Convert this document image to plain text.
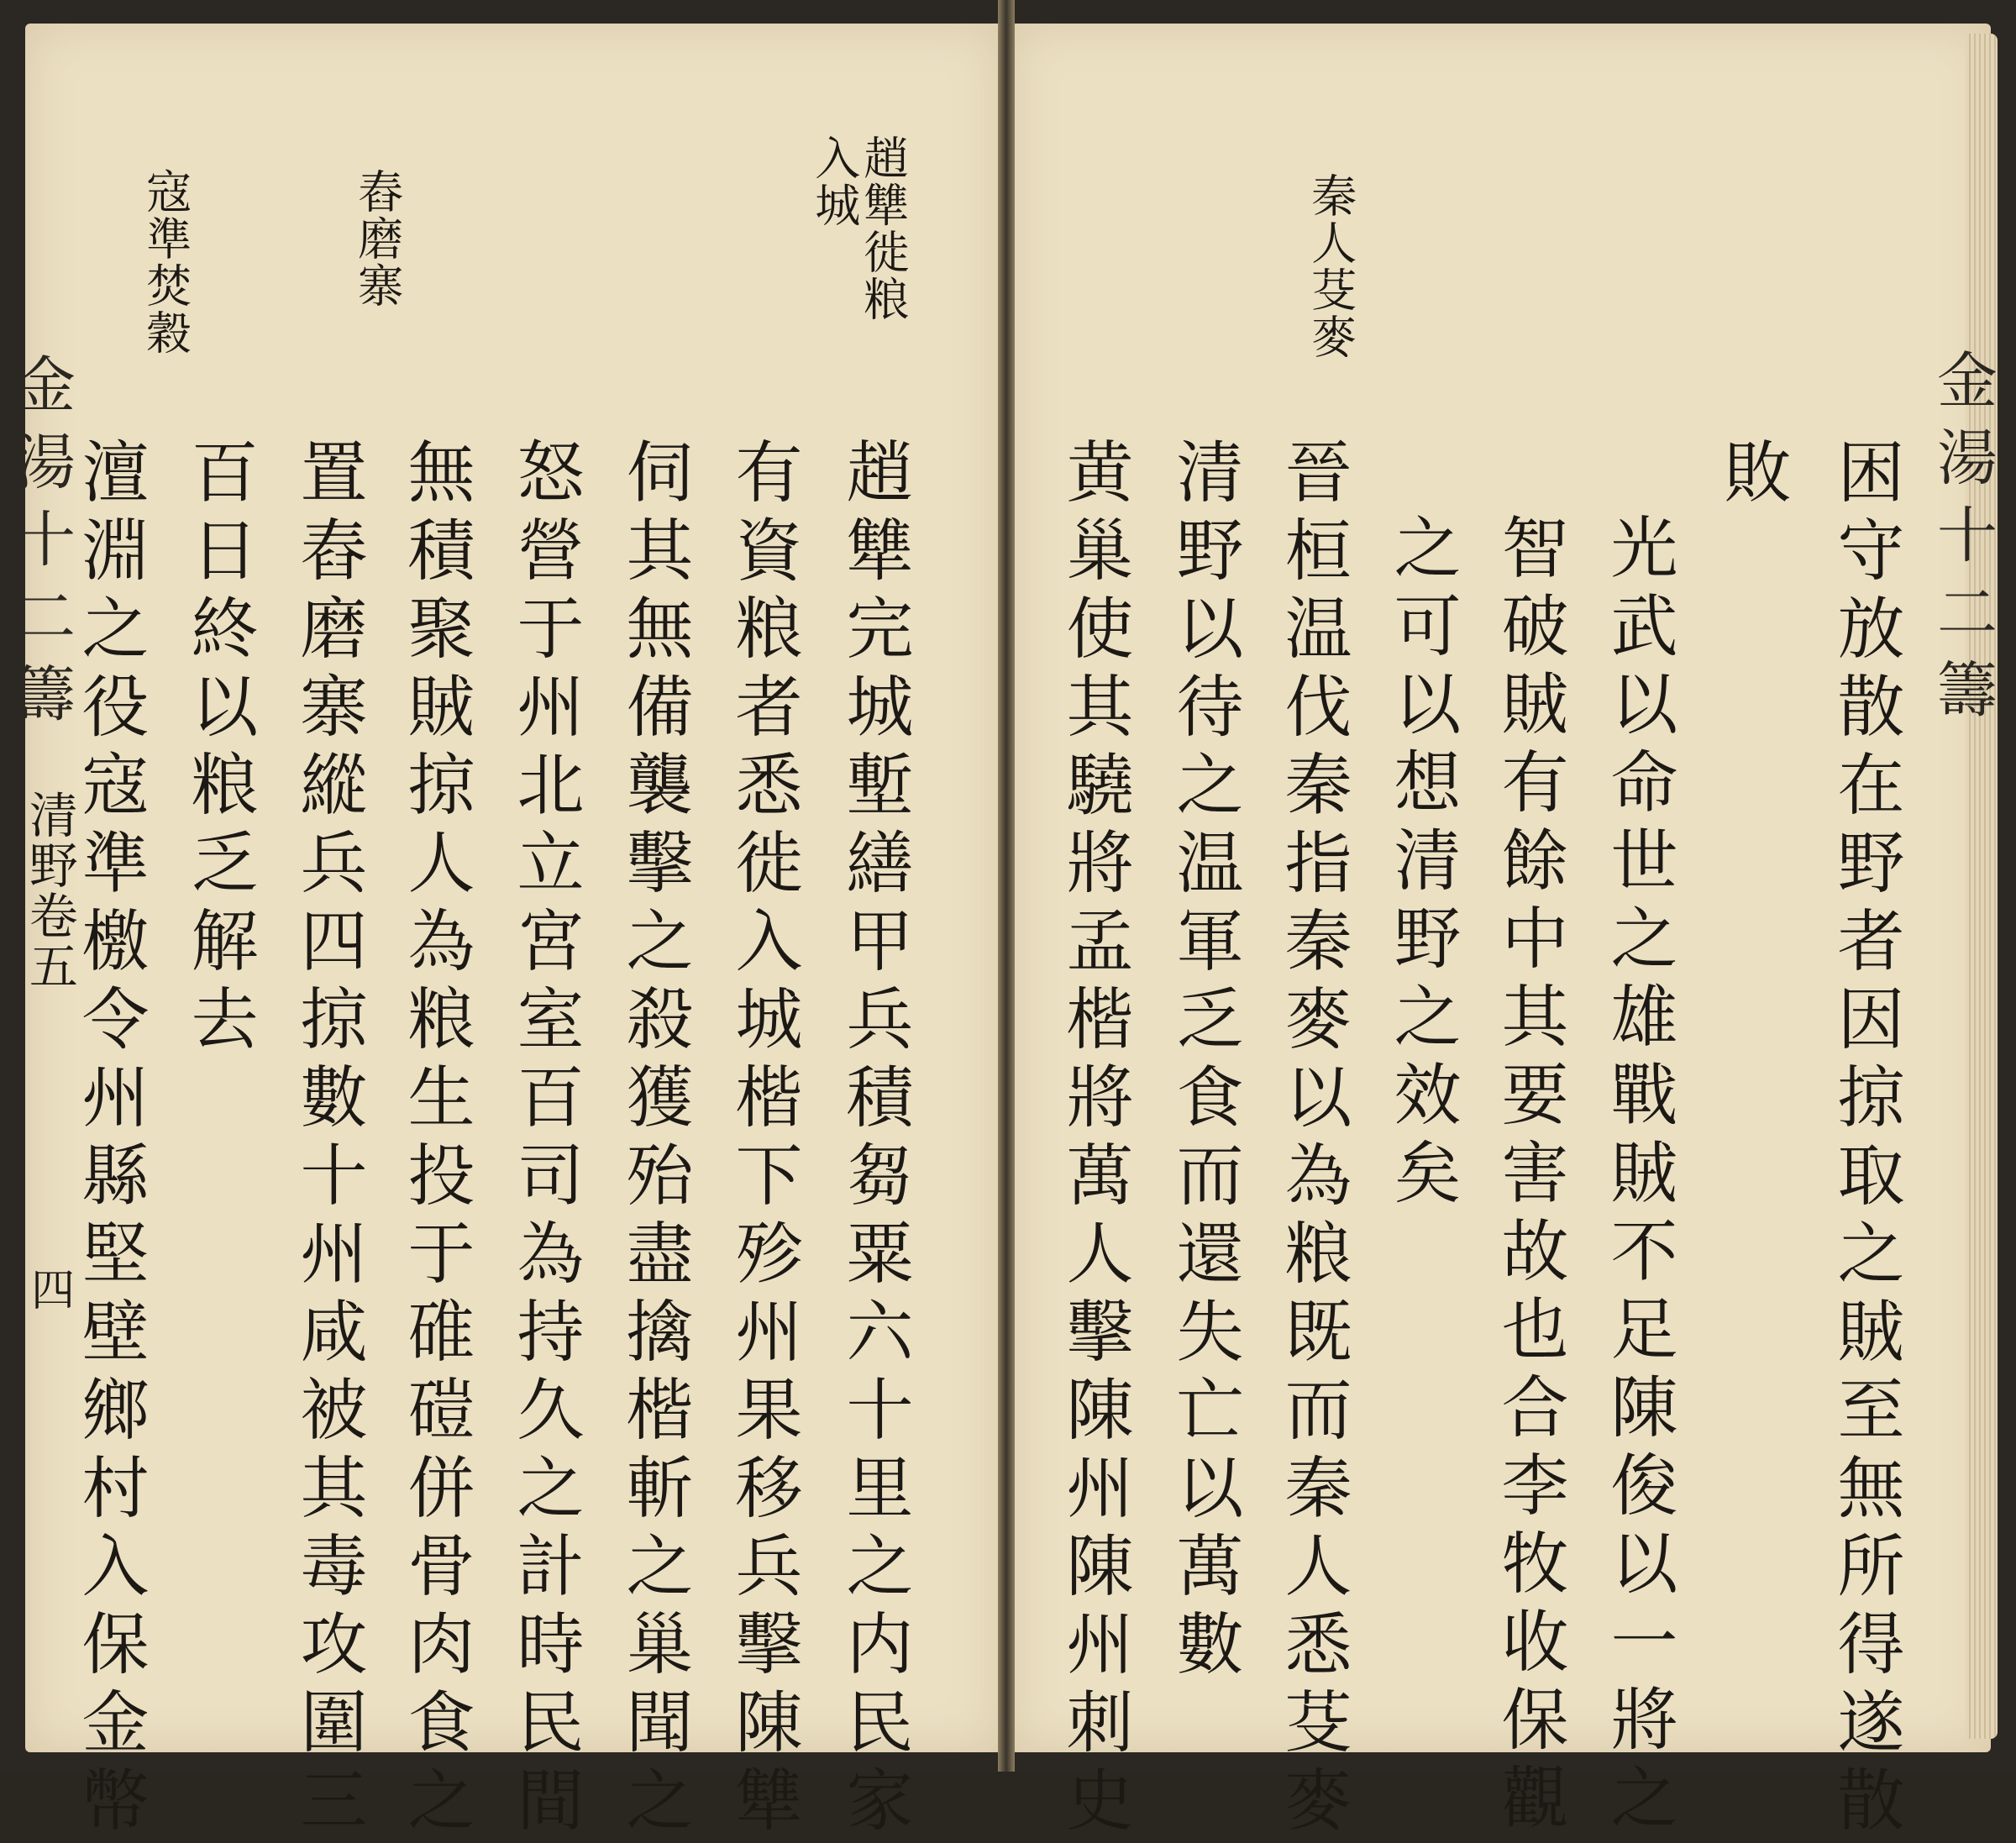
趙犨徙粮
入城
舂磨寨
寇準焚穀
趙犨完城塹繕甲兵積芻粟六十里之内民家
有資粮者悉徙入城楷下殄州果移兵擊陳犨
伺其無備襲擊之殺獲殆盡擒楷斬之巢聞之
怒營于州北立宮室百司為持久之計時民間
無積聚賊掠人為粮生投于碓磑併骨肉食之
置舂磨寨縱兵四掠數十州咸被其毒攻圍三
百日終以粮乏解去
澶淵之役寇準檄令州縣堅壁鄉村入保金幣
金湯十二籌
清野卷五
四
秦人芟麥
金湯十二籌
困守放散在野者因掠取之賊至無所得遂散
敗
光武以命世之雄戰賊不足陳俊以一將之
智破賊有餘中其要害故也合李牧收保觀
之可以想清野之效矣
晉桓温伐秦指秦麥以為粮既而秦人悉芟麥
清野以待之温軍乏食而還失亡以萬數
黄巢使其驍將孟楷將萬人擊陳州陳州刺史
